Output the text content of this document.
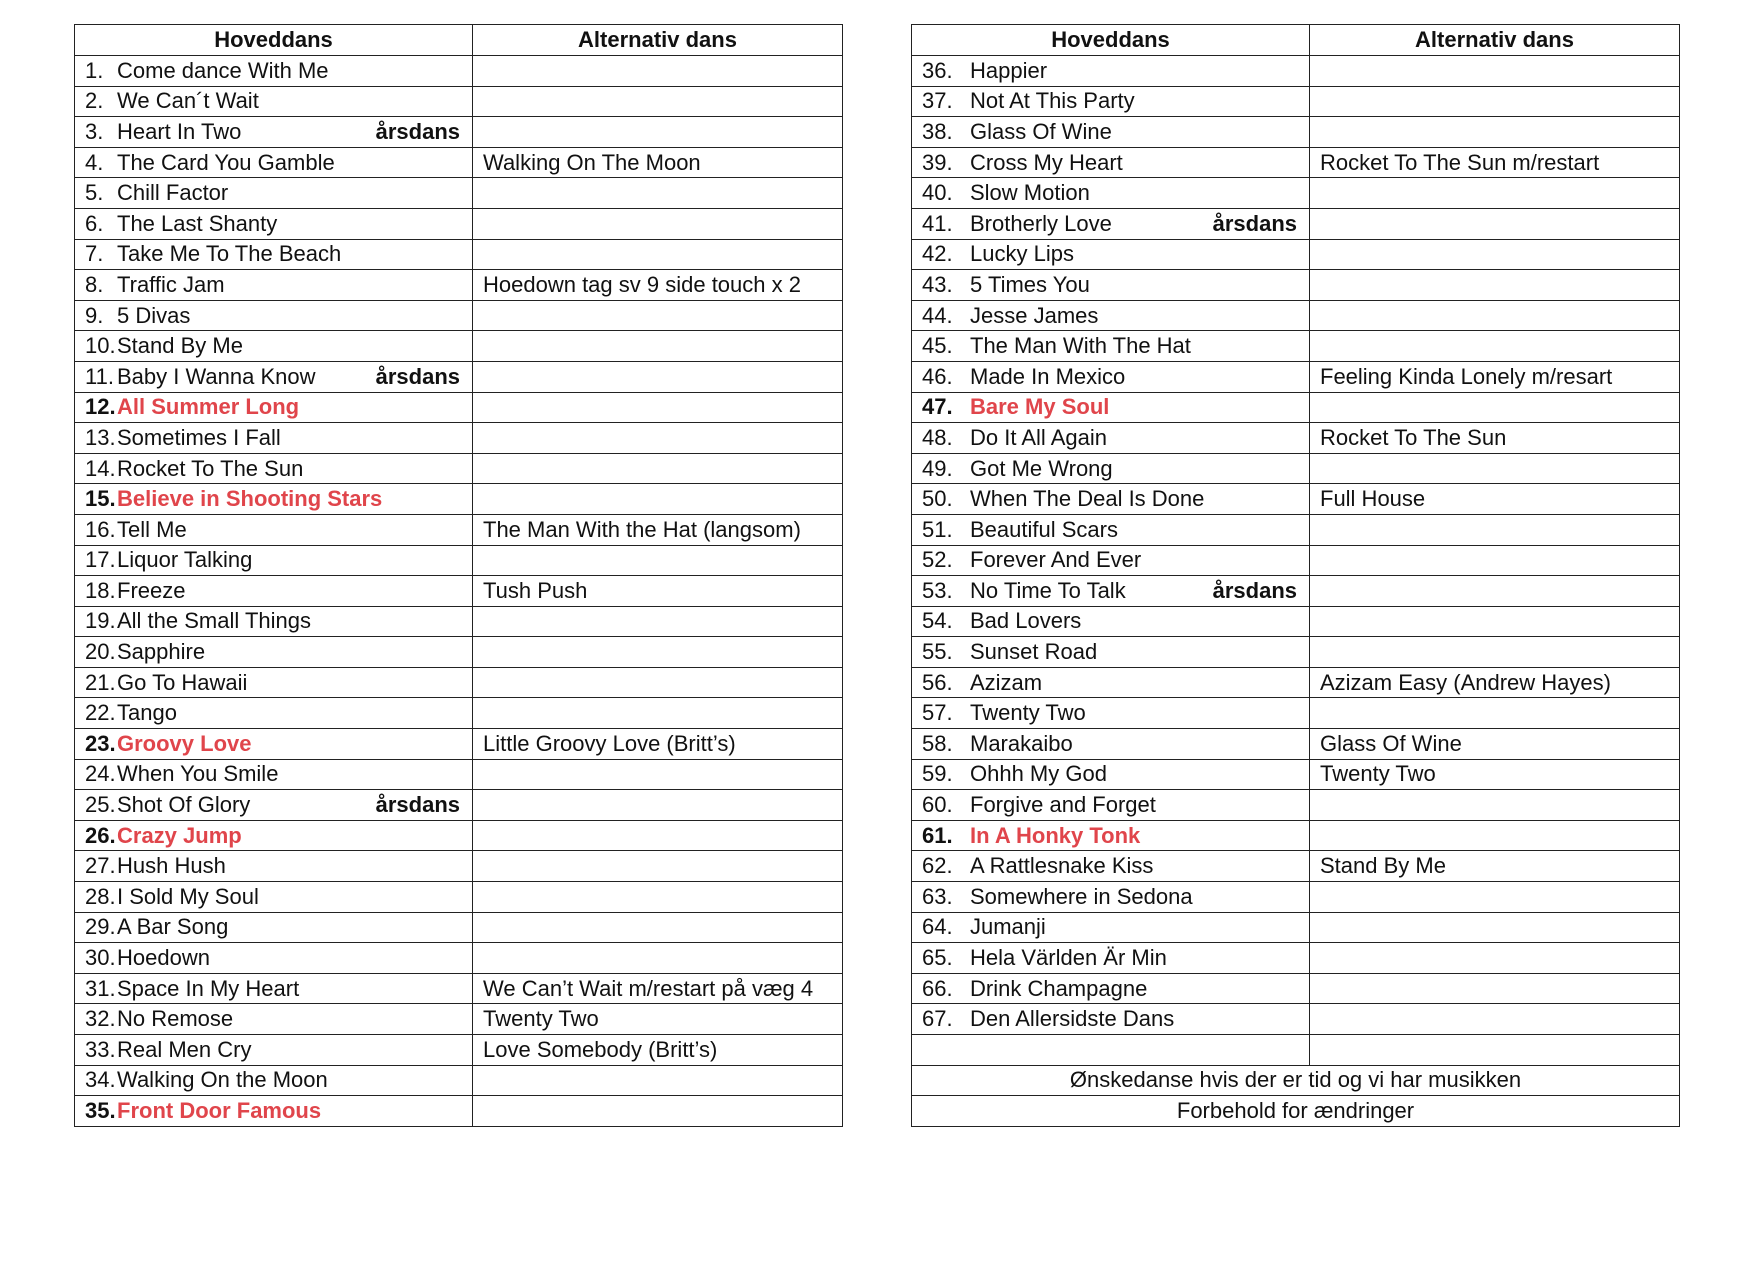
Hoveddans	Alternativ dans
1. Come dance With Me	
2. We Can´t Wait	
3. Heart In Two årsdans	

4. The Card You Gamble	Walking On The Moon
5. Chill Factor	
6. The Last Shanty	
7. Take Me To The Beach	
8. Traffic Jam	Hoedown tag sv 9 side touch x 2
9. 5 Divas	
10.Stand By Me	
11. Baby I Wanna Know årsdans	

12.All Summer Long	
13.Sometimes I Fall	
14.Rocket To The Sun	
15.Believe in Shooting Stars	
16.Tell Me	The Man With the Hat (langsom)
17.Liquor Talking	
18.Freeze	Tush Push
19.All the Small Things	
20.Sapphire	
21.Go To Hawaii	
22.Tango	
23.Groovy Love	Little Groovy Love (Britt’s)
24.When You Smile	
25.Shot Of Glory årsdans	

26.Crazy Jump	
27.Hush Hush	
28.I Sold My Soul	
29.A Bar Song	
30.Hoedown	
31.Space In My Heart	We Can’t Wait m/restart på væg 4
32.No Remose	Twenty Two
33.Real Men Cry	Love Somebody (Britt’s)
34.Walking On the Moon	
35.Front Door Famous	
Hoveddans	Alternativ dans
36. Happier	
37. Not At This Party	
38. Glass Of Wine	
39. Cross My Heart	Rocket To The Sun m/restart
40. Slow Motion	
41. Brotherly Love årsdans	

42. Lucky Lips	
43. 5 Times You	
44. Jesse James	
45. The Man With The Hat	
46. Made In Mexico	Feeling Kinda Lonely m/resart
47. Bare My Soul	
48. Do It All Again	Rocket To The Sun
49. Got Me Wrong	
50. When The Deal Is Done	Full House
51. Beautiful Scars	
52. Forever And Ever	
53. No Time To Talk årsdans	

54. Bad Lovers	
55. Sunset Road	
56. Azizam	Azizam Easy (Andrew Hayes)
57. Twenty Two	
58. Marakaibo	Glass Of Wine
59. Ohhh My God	Twenty Two
60. Forgive and Forget	
61. In A Honky Tonk	
62. A Rattlesnake Kiss	Stand By Me
63. Somewhere in Sedona	
64. Jumanji	
65. Hela Världen Är Min	
66. Drink Champagne	
67. Den Allersidste Dans	

Ønskedanse hvis der er tid og vi har musikken	
Forbehold for ændringer	
